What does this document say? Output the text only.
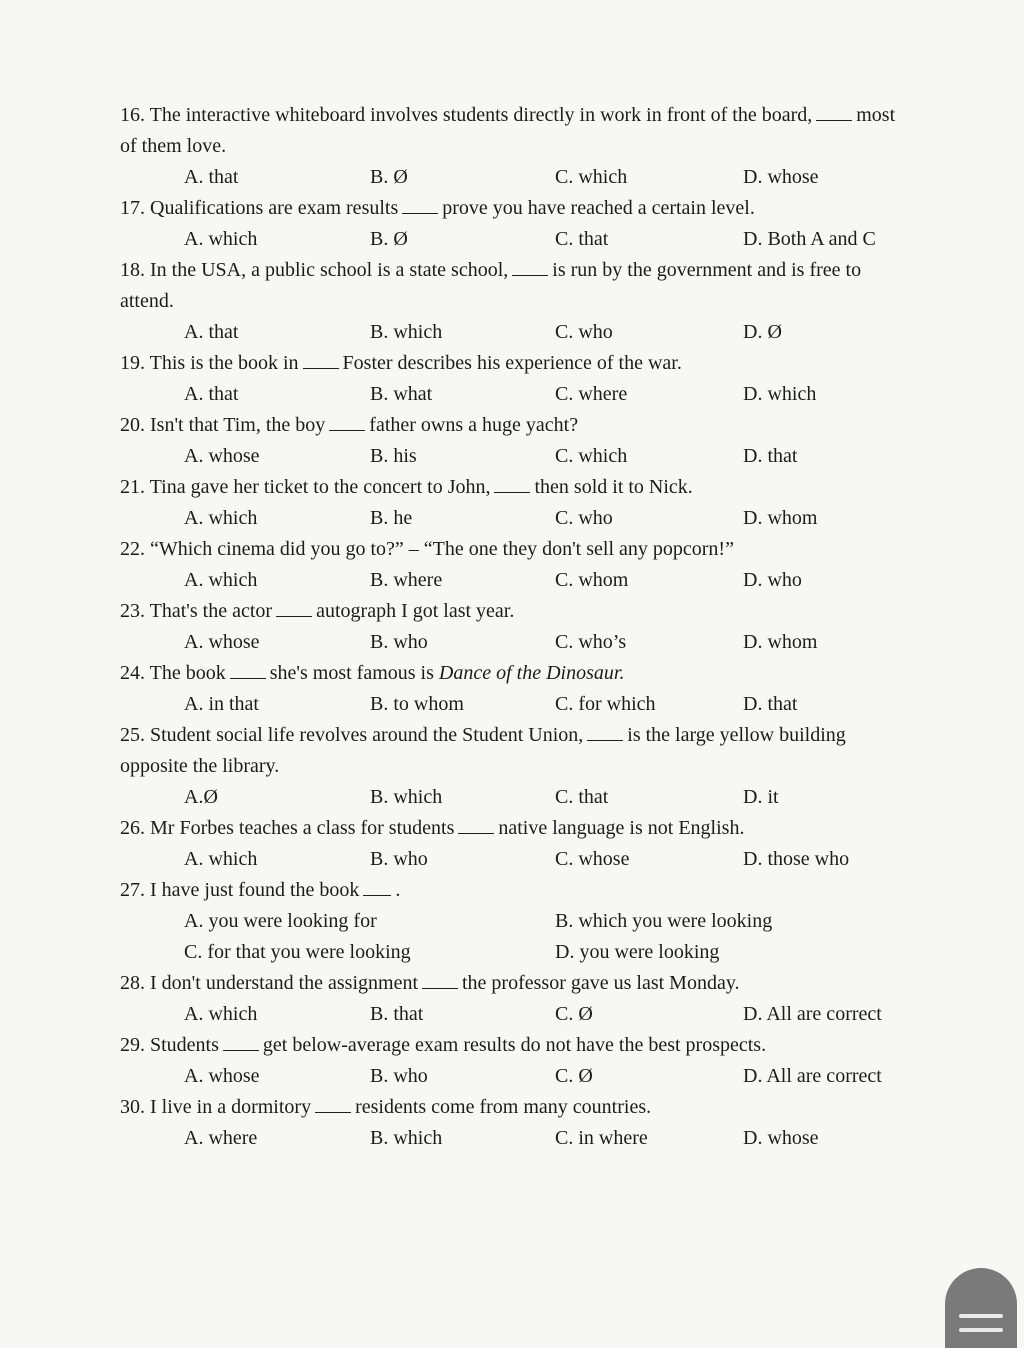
16. The interactive whiteboard involves students directly in work in front of the board, most
of them love.
A. that	B. Ø	C. which	D. whose
17. Qualifications are exam results prove you have reached a certain level.
A. which	B. Ø	C. that	D. Both A and C
18. In the USA, a public school is a state school, is run by the government and is free to
attend.
A. that	B. which	C. who	D. Ø
19. This is the book in Foster describes his experience of the war.
A. that	B. what	C. where	D. which
20. Isn't that Tim, the boy father owns a huge yacht?
A. whose	B. his	C. which	D. that
21. Tina gave her ticket to the concert to John, then sold it to Nick.
A. which	B. he	C. who	D. whom
22. “Which cinema did you go to?” – “The one they don't sell any popcorn!”
A. which	B. where	C. whom	D. who
23. That's the actor autograph I got last year.
A. whose	B. who	C. who’s	D. whom
24. The book she's most famous is Dance of the Dinosaur.
A. in that	B. to whom	C. for which	D. that
25. Student social life revolves around the Student Union, is the large yellow building
opposite the library.
A.Ø	B. which	C. that	D. it
26. Mr Forbes teaches a class for students native language is not English.
A. which	B. who	C. whose	D. those who
27. I have just found the book .
A. you were looking for	B. which you were looking
C. for that you were looking	D. you were looking
28. I don't understand the assignment the professor gave us last Monday.
A. which	B. that	C. Ø	D. All are correct
29. Students get below-average exam results do not have the best prospects.
A. whose	B. who	C. Ø	D. All are correct
30. I live in a dormitory residents come from many countries.
A. where	B. which	C. in where	D. whose
